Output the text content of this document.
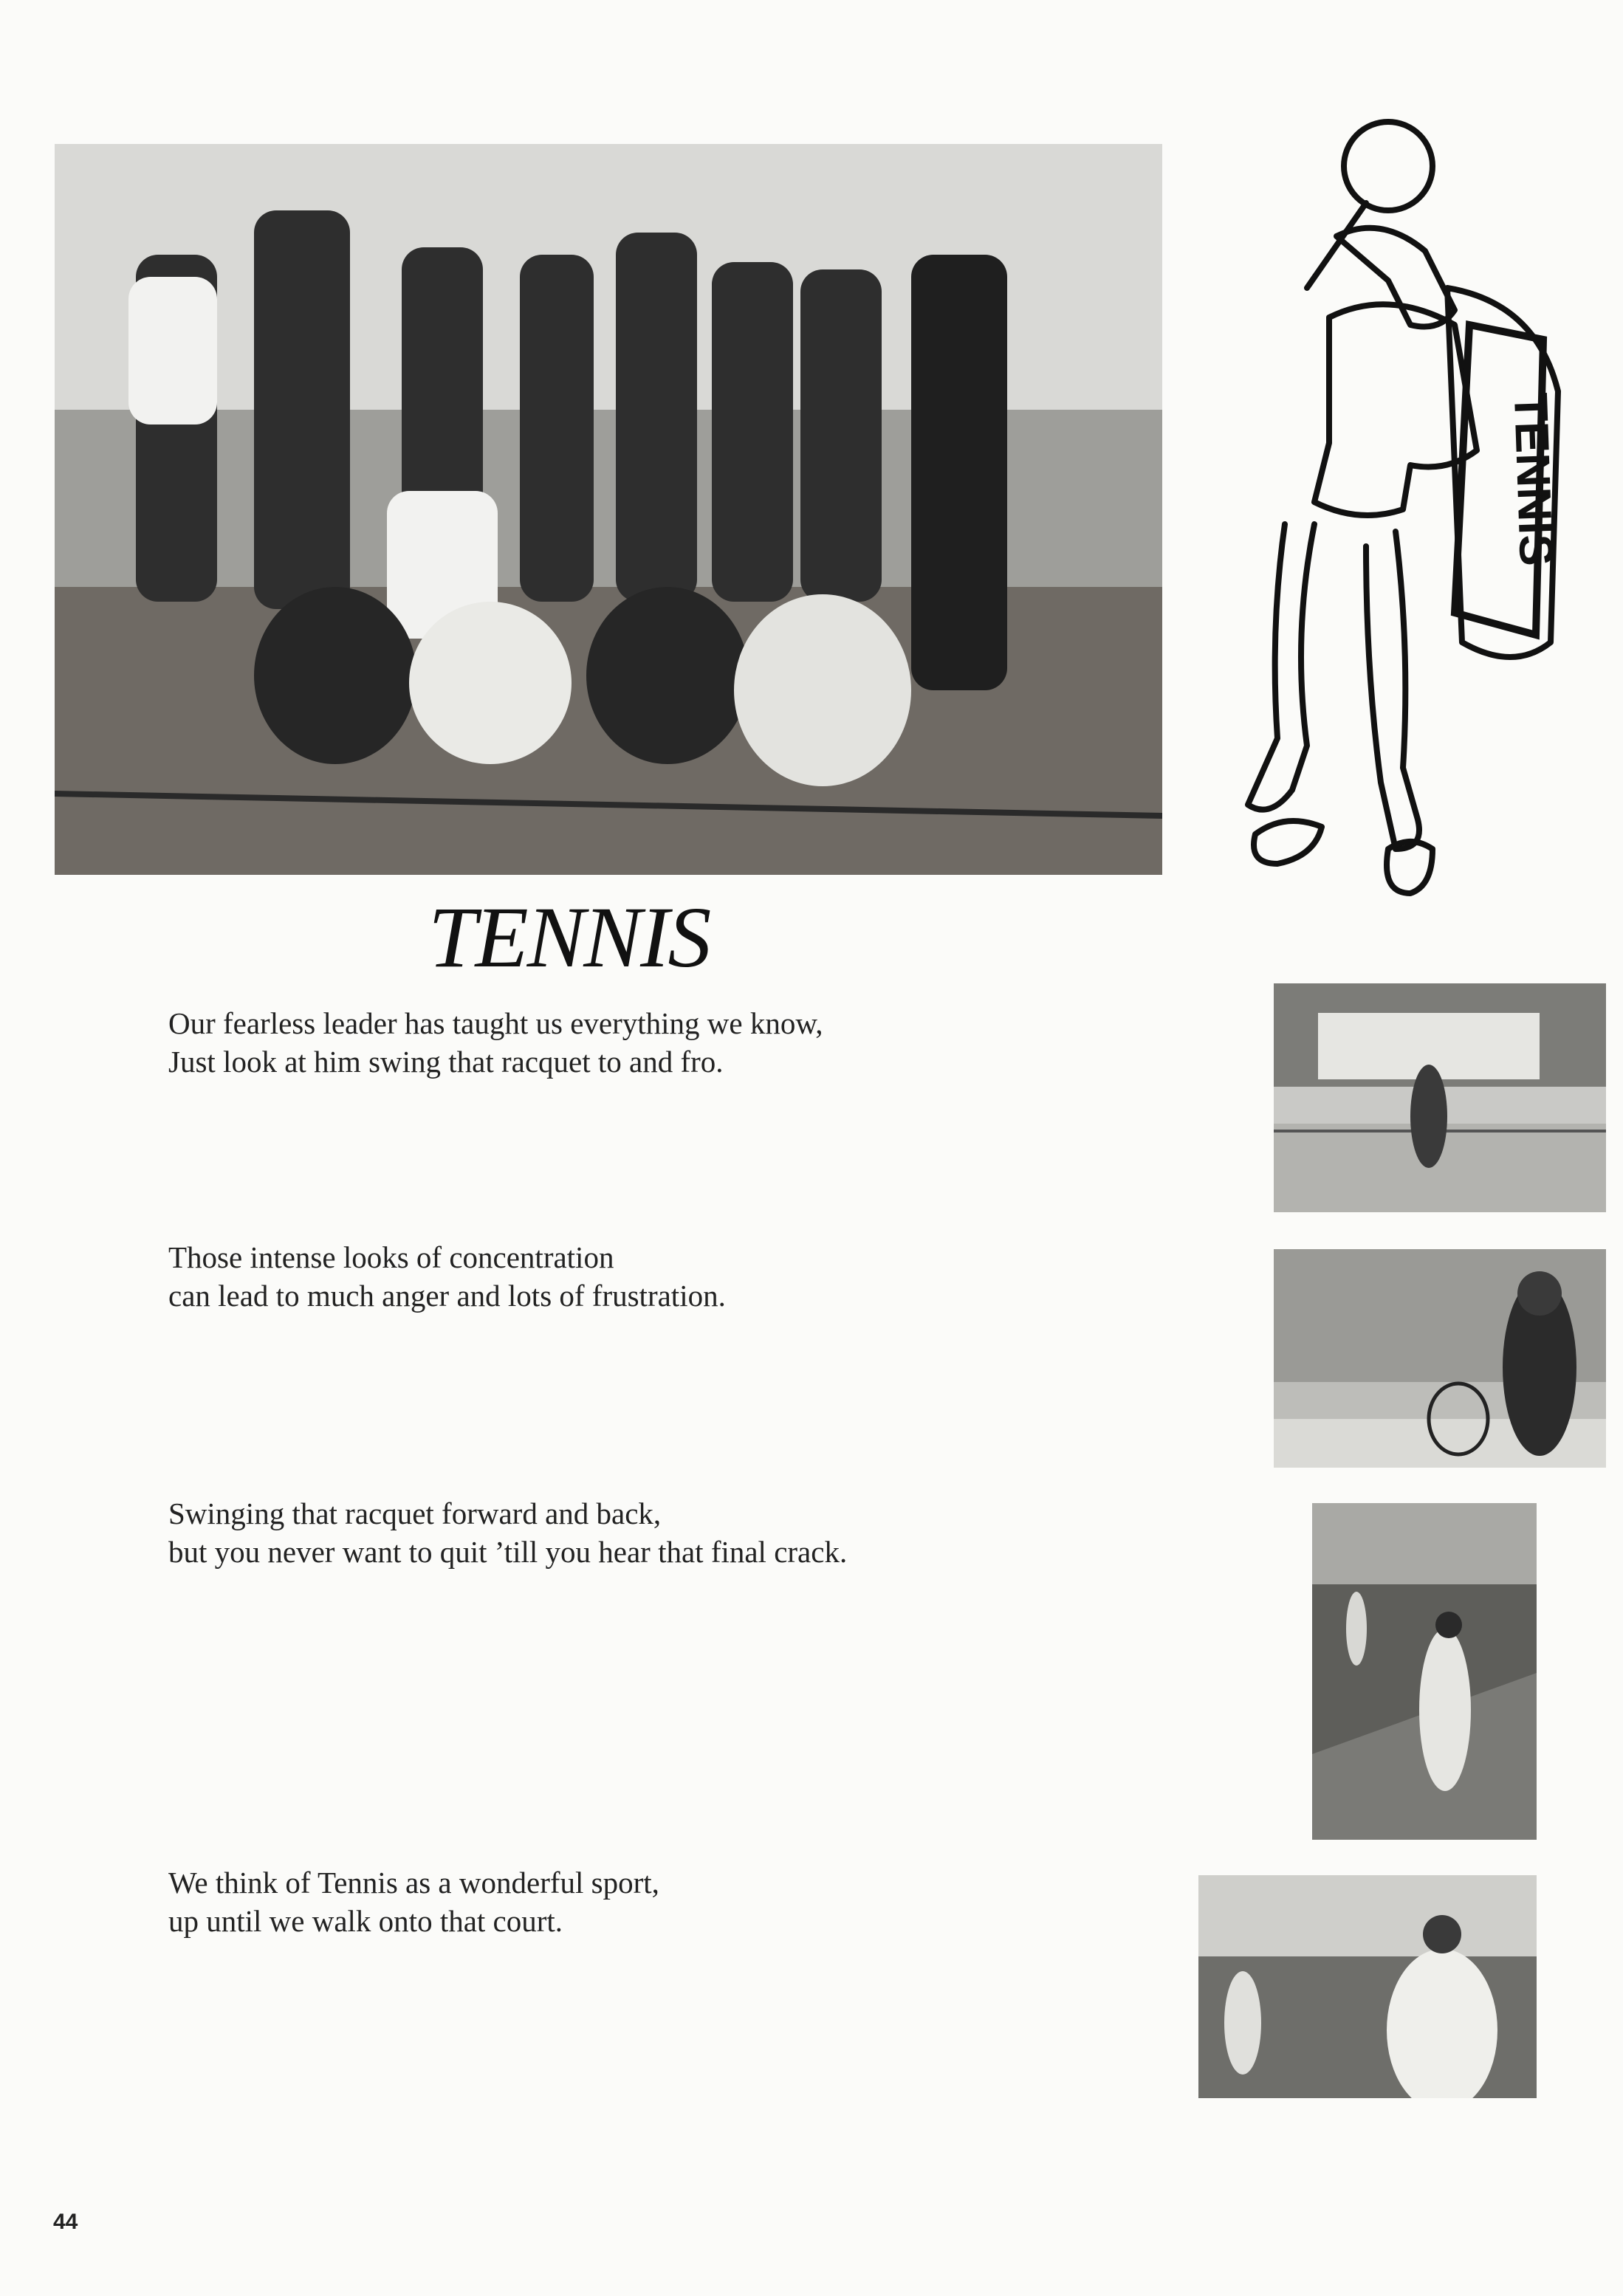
TENNIS
TENNIS
Our fearless leader has taught us everything we know,
Just look at him swing that racquet to and fro.
Those intense looks of concentration
can lead to much anger and lots of frustration.
Swinging that racquet forward and back,
but you never want to quit ’till you hear that final crack.
We think of Tennis as a wonderful sport,
up until we walk onto that court.
44
